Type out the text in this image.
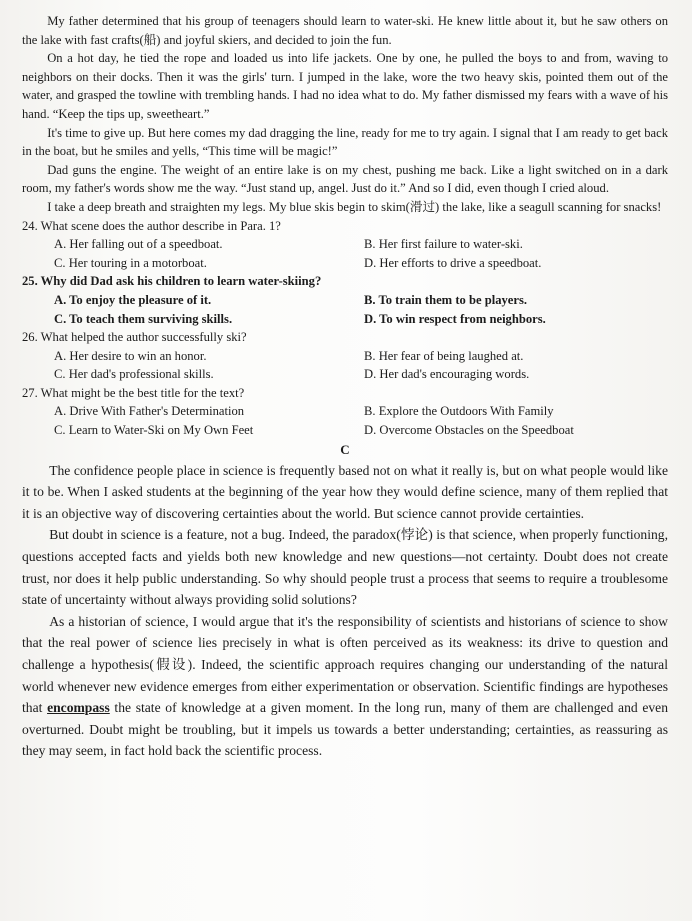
My father determined that his group of teenagers should learn to water-ski. He knew little about it, but he saw others on the lake with fast crafts(船) and joyful skiers, and decided to join the fun.

On a hot day, he tied the rope and loaded us into life jackets. One by one, he pulled the boys to and from, waving to neighbors on their docks. Then it was the girls' turn. I jumped in the lake, wore the two heavy skis, pointed them out of the water, and grasped the towline with trembling hands. I had no idea what to do. My father dismissed my fears with a wave of his hand. “Keep the tips up, sweetheart.”

It's time to give up. But here comes my dad dragging the line, ready for me to try again. I signal that I am ready to get back in the boat, but he smiles and yells, “This time will be magic!”

Dad guns the engine. The weight of an entire lake is on my chest, pushing me back. Like a light switched on in a dark room, my father's words show me the way. “Just stand up, angel. Just do it.” And so I did, even though I cried aloud.

I take a deep breath and straighten my legs. My blue skis begin to skim(滑过) the lake, like a seagull scanning for snacks!

24. What scene does the author describe in Para. 1?
A. Her falling out of a speedboat.	B. Her first failure to water-ski.
C. Her touring in a motorboat.	D. Her efforts to drive a speedboat.
25. Why did Dad ask his children to learn water-skiing?
A. To enjoy the pleasure of it.	B. To train them to be players.
C. To teach them surviving skills.	D. To win respect from neighbors.
26. What helped the author successfully ski?
A. Her desire to win an honor.	B. Her fear of being laughed at.
C. Her dad's professional skills.	D. Her dad's encouraging words.
27. What might be the best title for the text?
A. Drive With Father's Determination	B. Explore the Outdoors With Family
C. Learn to Water-Ski on My Own Feet	D. Overcome Obstacles on the Speedboat
C

The confidence people place in science is frequently based not on what it really is, but on what people would like it to be. When I asked students at the beginning of the year how they would define science, many of them replied that it is an objective way of discovering certainties about the world. But science cannot provide certainties.

But doubt in science is a feature, not a bug. Indeed, the paradox(悖论) is that science, when properly functioning, questions accepted facts and yields both new knowledge and new questions—not certainty. Doubt does not create trust, nor does it help public understanding. So why should people trust a process that seems to require a troublesome state of uncertainty without always providing solid solutions?

As a historian of science, I would argue that it's the responsibility of scientists and historians of science to show that the real power of science lies precisely in what is often perceived as its weakness: its drive to question and challenge a hypothesis(假设). Indeed, the scientific approach requires changing our understanding of the natural world whenever new evidence emerges from either experimentation or observation. Scientific findings are hypotheses that encompass the state of knowledge at a given moment. In the long run, many of them are challenged and even overturned. Doubt might be troubling, but it impels us towards a better understanding; certainties, as reassuring as they may seem, in fact hold back the scientific process.
